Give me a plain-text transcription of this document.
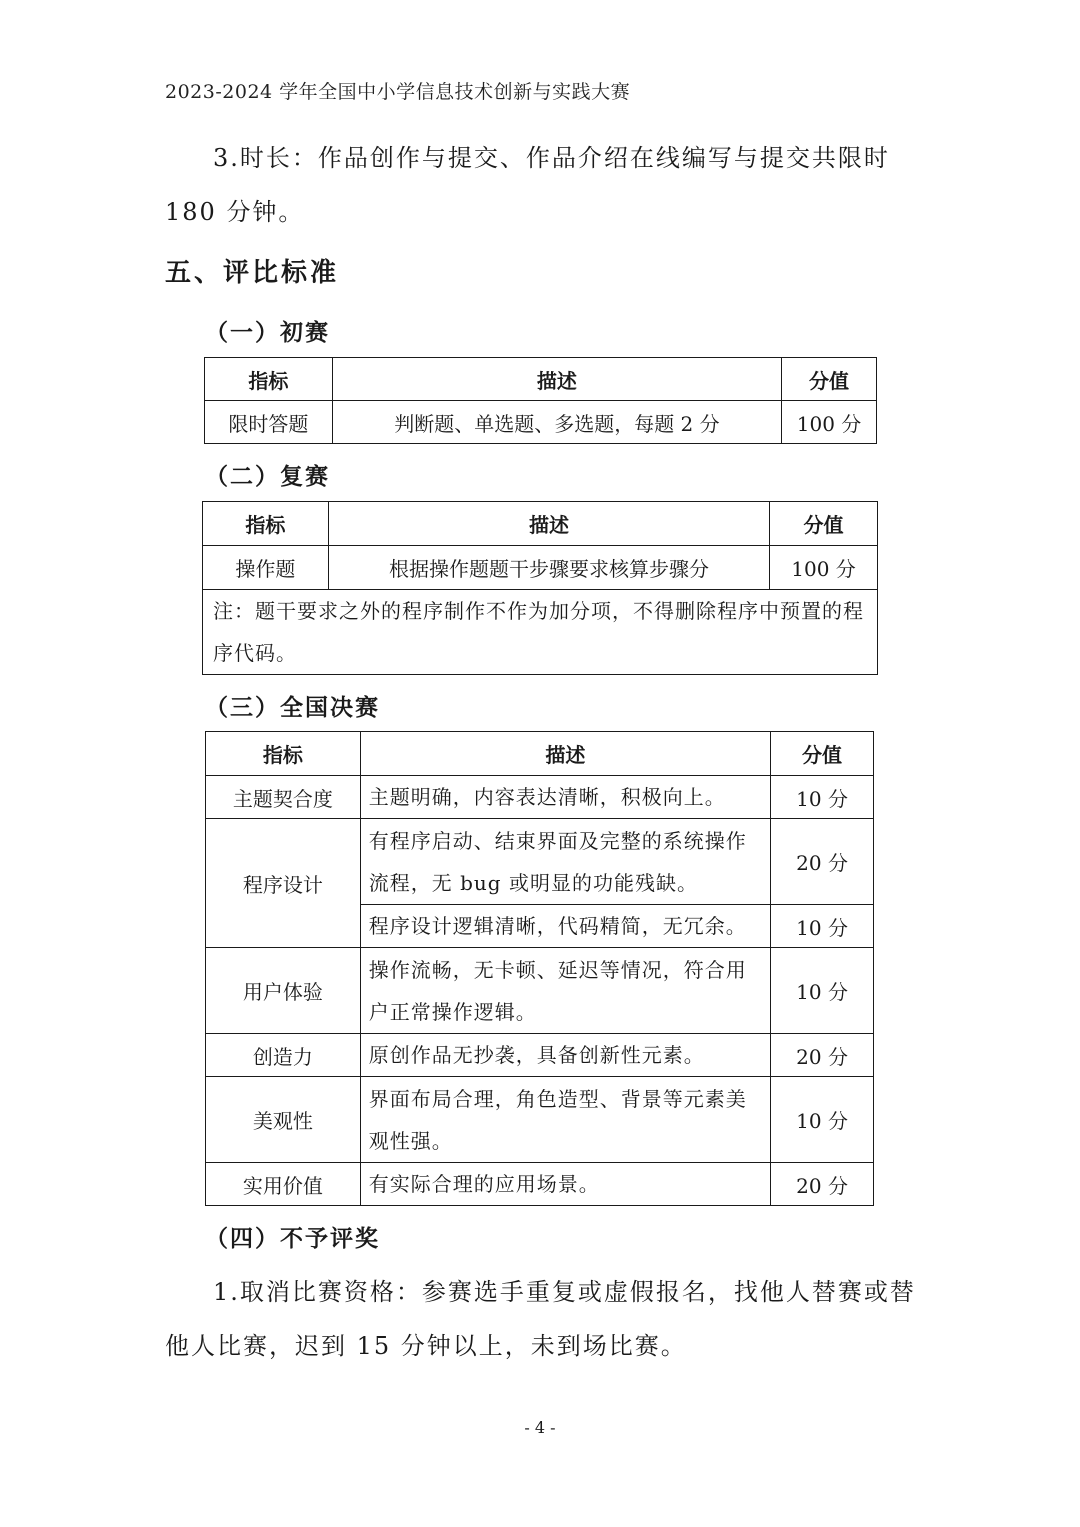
2023-2024 学年全国中小学信息技术创新与实践大赛
3.时长：作品创作与提交、作品介绍在线编写与提交共限时 180 分钟。
五、评比标准
（一）初赛
指标	描述	分值
限时答题	判断题、单选题、多选题，每题 2 分	100 分
（二）复赛
指标	描述	分值
操作题	根据操作题题干步骤要求核算步骤分	100 分
注：题干要求之外的程序制作不作为加分项，不得删除程序中预置的程序代码。		
（三）全国决赛
指标	描述	分值
主题契合度	主题明确，内容表达清晰，积极向上。	10 分
程序设计	有程序启动、结束界面及完整的系统操作流程，无 bug 或明显的功能残缺。	20 分
	程序设计逻辑清晰，代码精简，无冗余。	10 分
用户体验	操作流畅，无卡顿、延迟等情况，符合用户正常操作逻辑。	10 分
创造力	原创作品无抄袭，具备创新性元素。	20 分
美观性	界面布局合理，角色造型、背景等元素美观性强。	10 分
实用价值	有实际合理的应用场景。	20 分
（四）不予评奖
1.取消比赛资格：参赛选手重复或虚假报名，找他人替赛或替他人比赛，迟到 15 分钟以上，未到场比赛。
- 4 -
